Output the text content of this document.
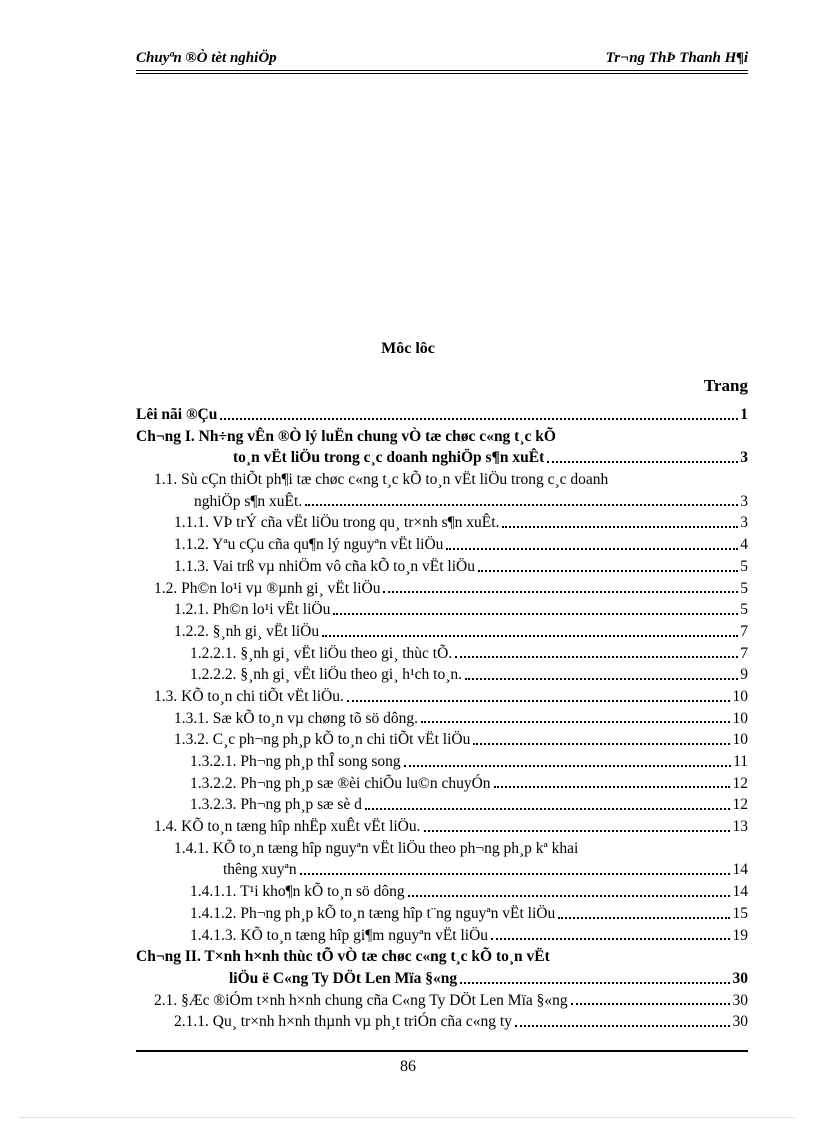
Chuyªn ®Ò tèt nghiÖp	Tr¬ng ThÞ Thanh H¶i
Môc lôc
Trang
Lêi nãi ®Çu	1
Ch¬ng I. Nh÷ng vÊn ®Ò lý luËn chung vÒ tæ chøc c«ng t¸c kÕ
to¸n vËt liÖu trong c¸c doanh nghiÖp s¶n xuÊt	3
1.1. Sù cÇn thiÕt ph¶i tæ chøc c«ng t¸c kÕ to¸n vËt liÖu trong c¸c doanh
nghiÖp s¶n xuÊt.	3
1.1.1. VÞ trÝ cña vËt liÖu trong qu¸ tr×nh s¶n xuÊt.	3
1.1.2. Yªu cÇu cña qu¶n lý nguyªn vËt liÖu	4
1.1.3. Vai trß vµ nhiÖm vô cña kÕ to¸n vËt liÖu	5
1.2. Ph©n lo¹i vµ ®µnh gi¸ vËt liÖu	5
1.2.1. Ph©n lo¹i vËt liÖu	5
1.2.2. §¸nh gi¸ vËt liÖu	7
1.2.2.1. §¸nh gi¸ vËt liÖu theo gi¸ thùc tÕ.	7
1.2.2.2. §¸nh gi¸ vËt liÖu theo gi¸ h¹ch to¸n.	9
1.3. KÕ to¸n chi tiÕt vËt liÖu.	10
1.3.1. Sæ kÕ to¸n vµ chøng tõ sö dông.	10
1.3.2. C¸c ph¬ng ph¸p kÕ to¸n chi tiÕt vËt liÖu	10
1.3.2.1. Ph¬ng ph¸p thÎ song song	11
1.3.2.2. Ph¬ng ph¸p sæ ®èi chiÕu lu©n chuyÓn	12
1.3.2.3. Ph¬ng ph¸p sæ sè d	12
1.4. KÕ to¸n tæng hîp nhËp xuÊt vËt liÖu.	13
1.4.1. KÕ to¸n tæng hîp nguyªn vËt liÖu theo ph¬ng ph¸p kª khai
thêng xuyªn	14
1.4.1.1. T¹i kho¶n kÕ to¸n sö dông	14
1.4.1.2. Ph¬ng ph¸p kÕ to¸n tæng hîp t¨ng nguyªn vËt liÖu	15
1.4.1.3. KÕ to¸n tæng hîp gi¶m nguyªn vËt liÖu	19
Ch¬ng II. T×nh h×nh thùc tÕ vÒ tæ chøc c«ng t¸c kÕ to¸n vËt
liÖu ë C«ng Ty DÖt Len Mïa §«ng	30
2.1. §Æc ®iÓm t×nh h×nh chung cña C«ng Ty DÖt Len Mïa §«ng	30
2.1.1. Qu¸ tr×nh h×nh thµnh vµ ph¸t triÓn cña c«ng ty	30
86
